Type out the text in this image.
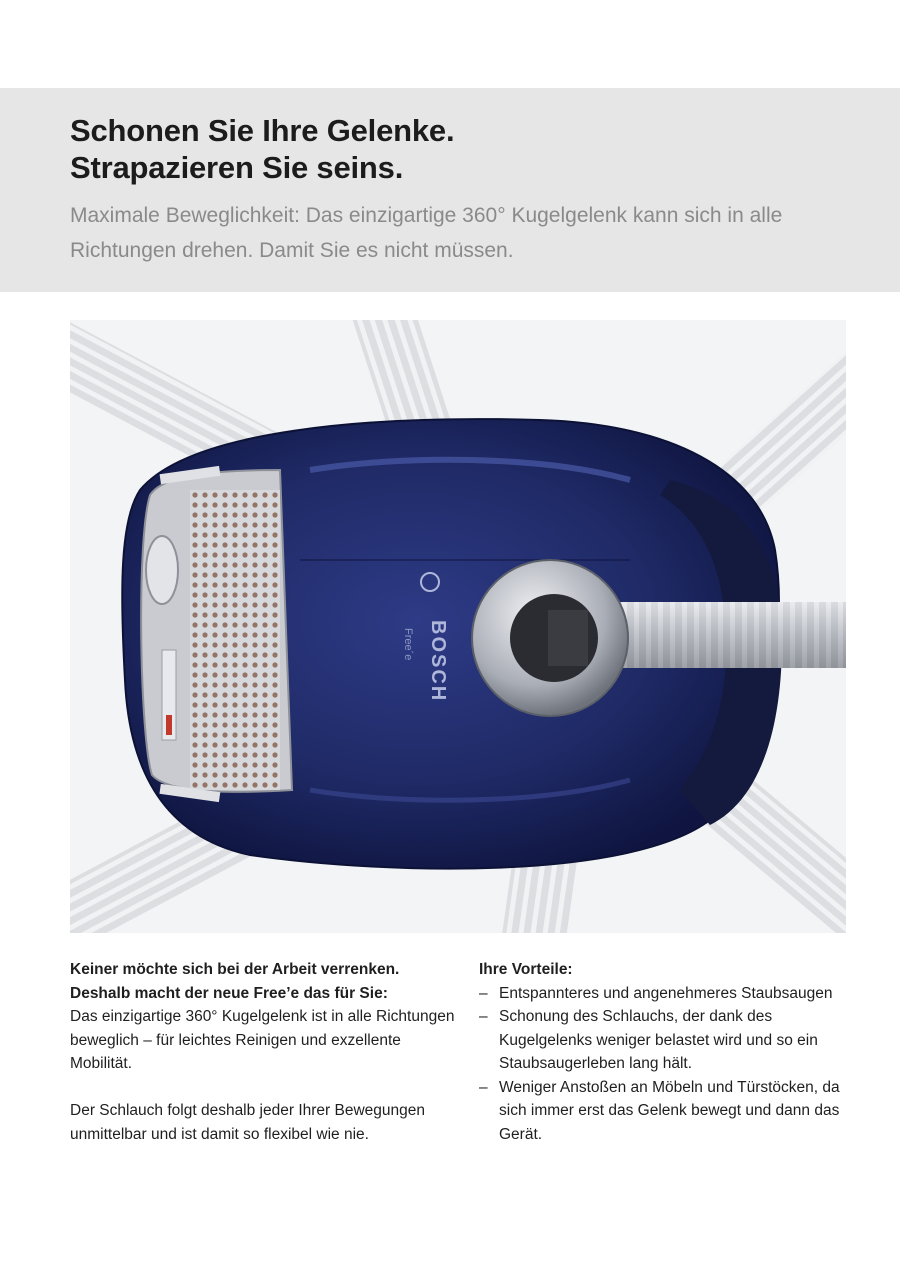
Schonen Sie Ihre Gelenke.
Strapazieren Sie seins.

Maximale Beweglichkeit: Das einzigartige 360° Kugelgelenk kann sich in alle Richtungen drehen. Damit Sie es nicht müssen.

BOSCH
Free´e
Keiner möchte sich bei der Arbeit verrenken.
Deshalb macht der neue Free’e das für Sie:
Das einzigartige 360° Kugelgelenk ist in alle Richtungen beweglich – für leichtes Reinigen und exzellente Mobilität.
Der Schlauch folgt deshalb jeder Ihrer Bewegungen unmittelbar und ist damit so flexibel wie nie.
Ihre Vorteile:
– Entspannteres und angenehmeres Staubsaugen
– Schonung des Schlauchs, der dank des Kugelgelenks weniger belastet wird und so ein Staubsaugerleben lang hält.
– Weniger Anstoßen an Möbeln und Türstöcken, da sich immer erst das Gelenk bewegt und dann das Gerät.
